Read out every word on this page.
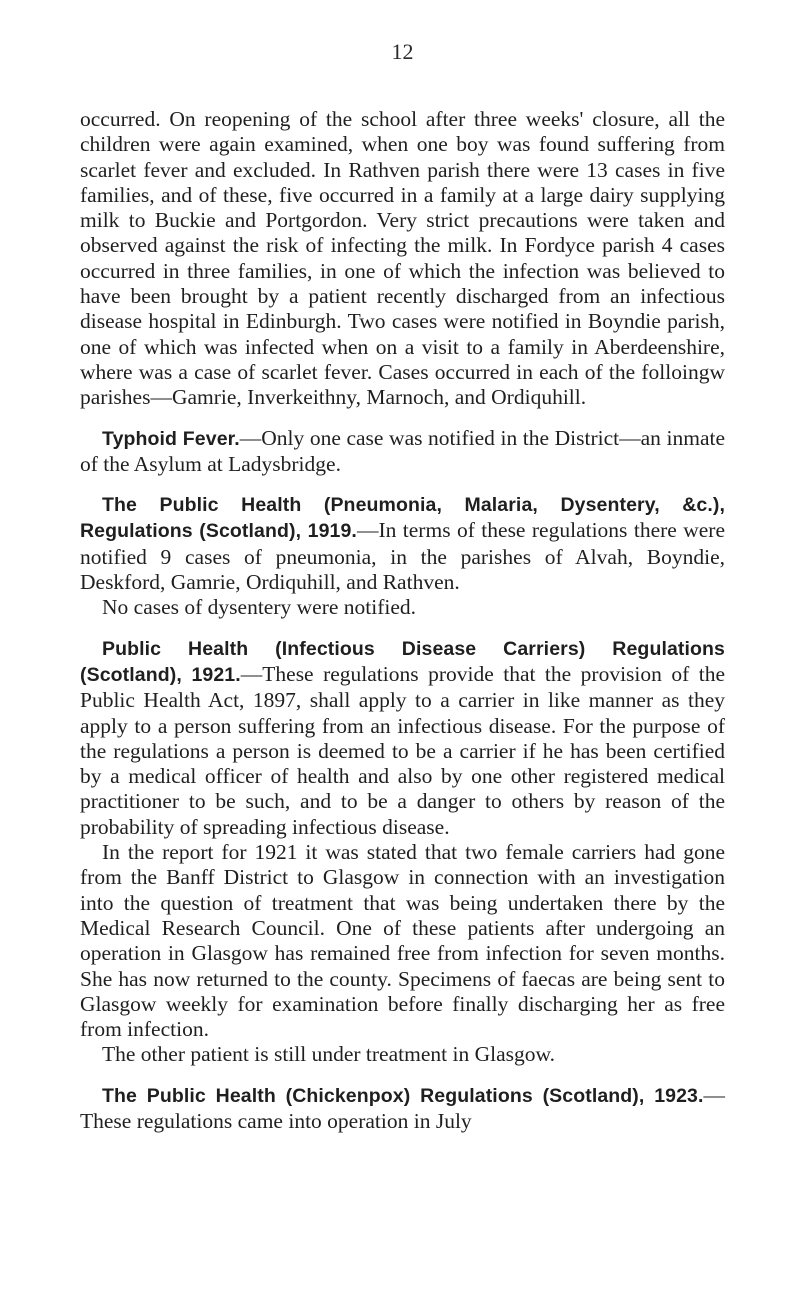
12

occurred. On reopening of the school after three weeks' closure, all the children were again examined, when one boy was found suffering from scarlet fever and excluded. In Rathven parish there were 13 cases in five families, and of these, five occurred in a family at a large dairy supplying milk to Buckie and Portgordon. Very strict precautions were taken and observed against the risk of infecting the milk. In Fordyce parish 4 cases occurred in three families, in one of which the infection was believed to have been brought by a patient recently discharged from an infectious disease hospital in Edinburgh. Two cases were notified in Boyndie parish, one of which was infected when on a visit to a family in Aberdeenshire, where was a case of scarlet fever. Cases occurred in each of the folloingw parishes—Gamrie, Inverkeithny, Marnoch, and Ordiquhill.

Typhoid Fever.—Only one case was notified in the District—an inmate of the Asylum at Ladysbridge.

The Public Health (Pneumonia, Malaria, Dysentery, &c.), Regulations (Scotland), 1919.—In terms of these regulations there were notified 9 cases of pneumonia, in the parishes of Alvah, Boyndie, Deskford, Gamrie, Ordiquhill, and Rathven.

No cases of dysentery were notified.

Public Health (Infectious Disease Carriers) Regulations (Scotland), 1921.—These regulations provide that the provision of the Public Health Act, 1897, shall apply to a carrier in like manner as they apply to a person suffering from an infectious disease. For the purpose of the regulations a person is deemed to be a carrier if he has been certified by a medical officer of health and also by one other registered medical practitioner to be such, and to be a danger to others by reason of the probability of spreading infectious disease.

In the report for 1921 it was stated that two female carriers had gone from the Banff District to Glasgow in connection with an investigation into the question of treatment that was being undertaken there by the Medical Research Council. One of these patients after undergoing an operation in Glasgow has remained free from infection for seven months. She has now returned to the county. Specimens of faecas are being sent to Glasgow weekly for examination before finally discharging her as free from infection.

The other patient is still under treatment in Glasgow.

The Public Health (Chickenpox) Regulations (Scotland), 1923.—These regulations came into operation in July
